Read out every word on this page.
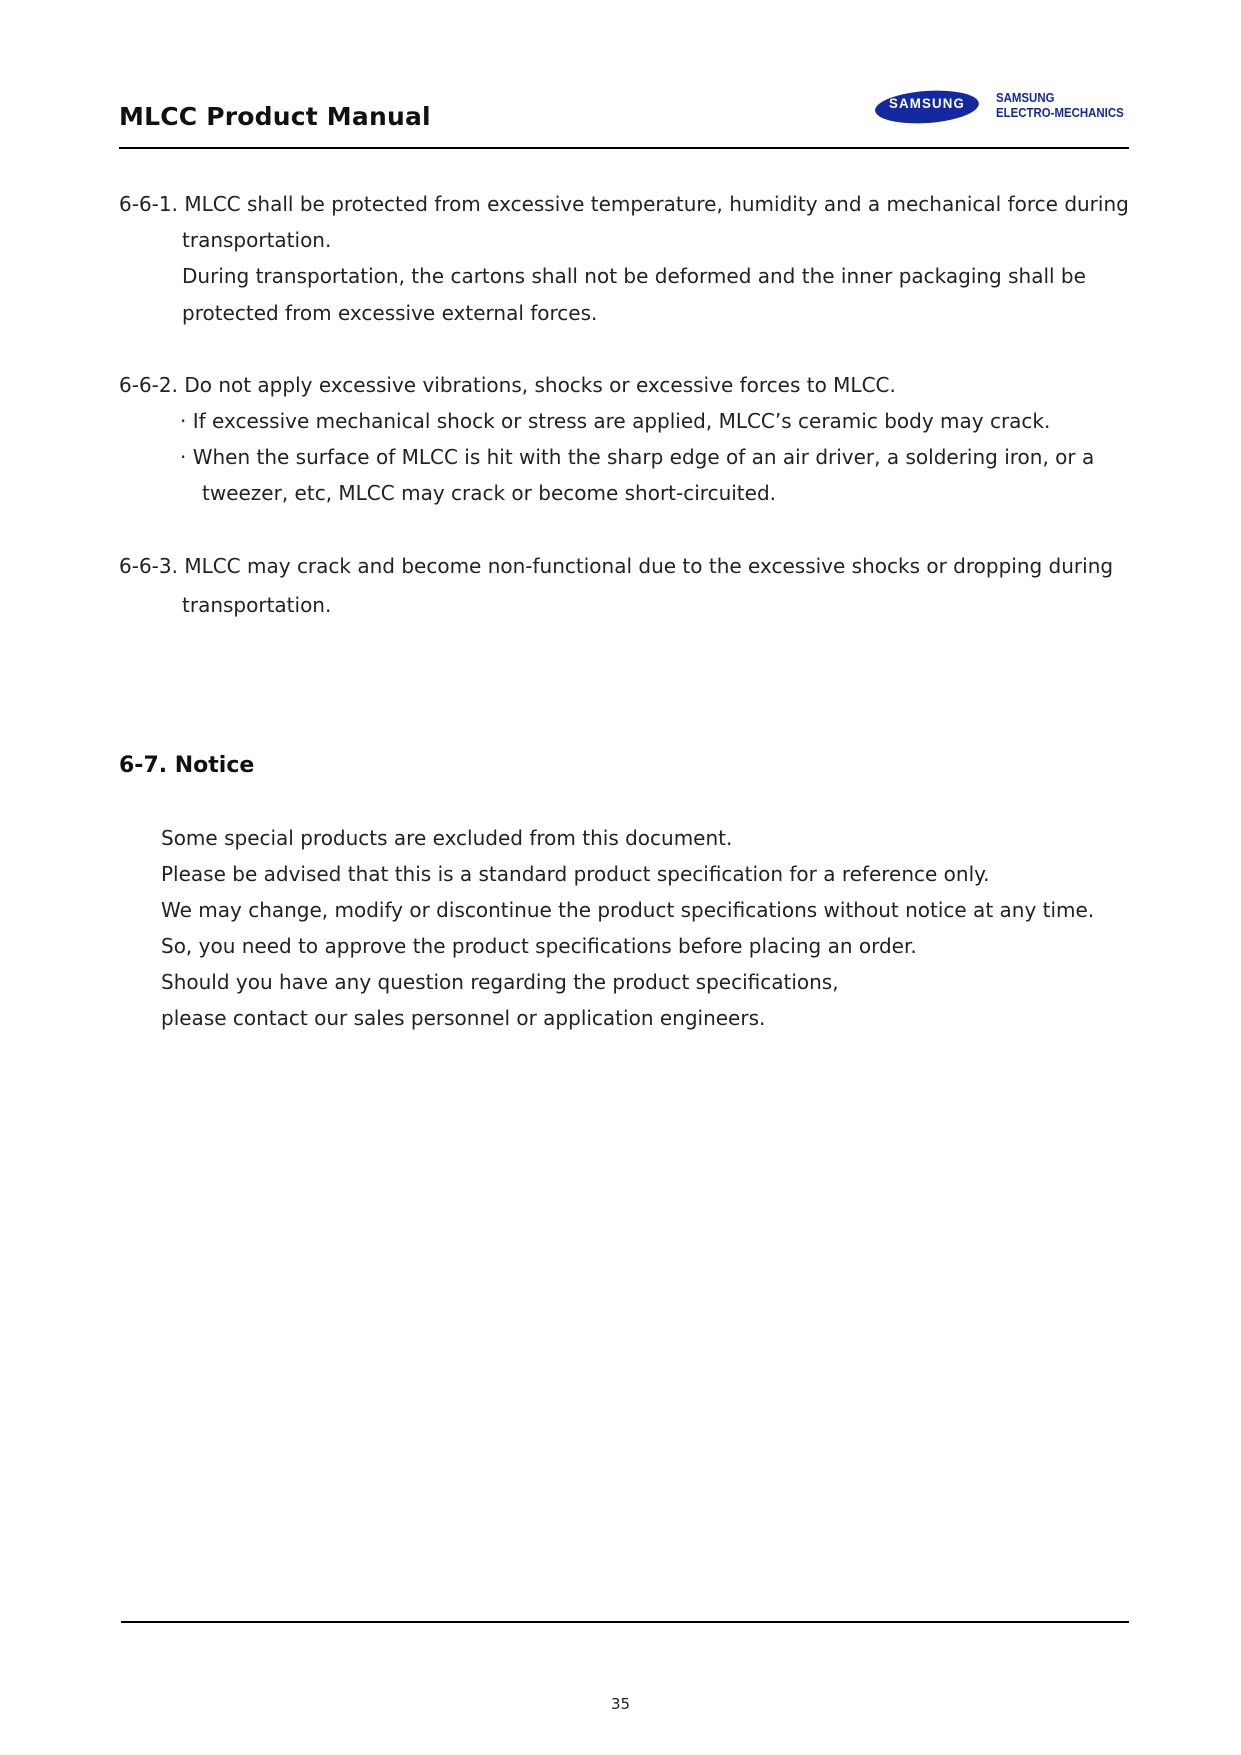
MLCC Product Manual	SAMSUNG	SAMSUNG
ELECTRO-MECHANICS
6-6-1. MLCC shall be protected from excessive temperature, humidity and a mechanical force during
transportation.
During transportation, the cartons shall not be deformed and the inner packaging shall be
protected from excessive external forces.
6-6-2. Do not apply excessive vibrations, shocks or excessive forces to MLCC.
· If excessive mechanical shock or stress are applied, MLCC’s ceramic body may crack.
· When the surface of MLCC is hit with the sharp edge of an air driver, a soldering iron, or a
tweezer, etc, MLCC may crack or become short-circuited.
6-6-3. MLCC may crack and become non-functional due to the excessive shocks or dropping during
transportation.
6-7. Notice
Some special products are excluded from this document.
Please be advised that this is a standard product specification for a reference only.
We may change, modify or discontinue the product specifications without notice at any time.
So, you need to approve the product specifications before placing an order.
Should you have any question regarding the product specifications,
please contact our sales personnel or application engineers.
35
